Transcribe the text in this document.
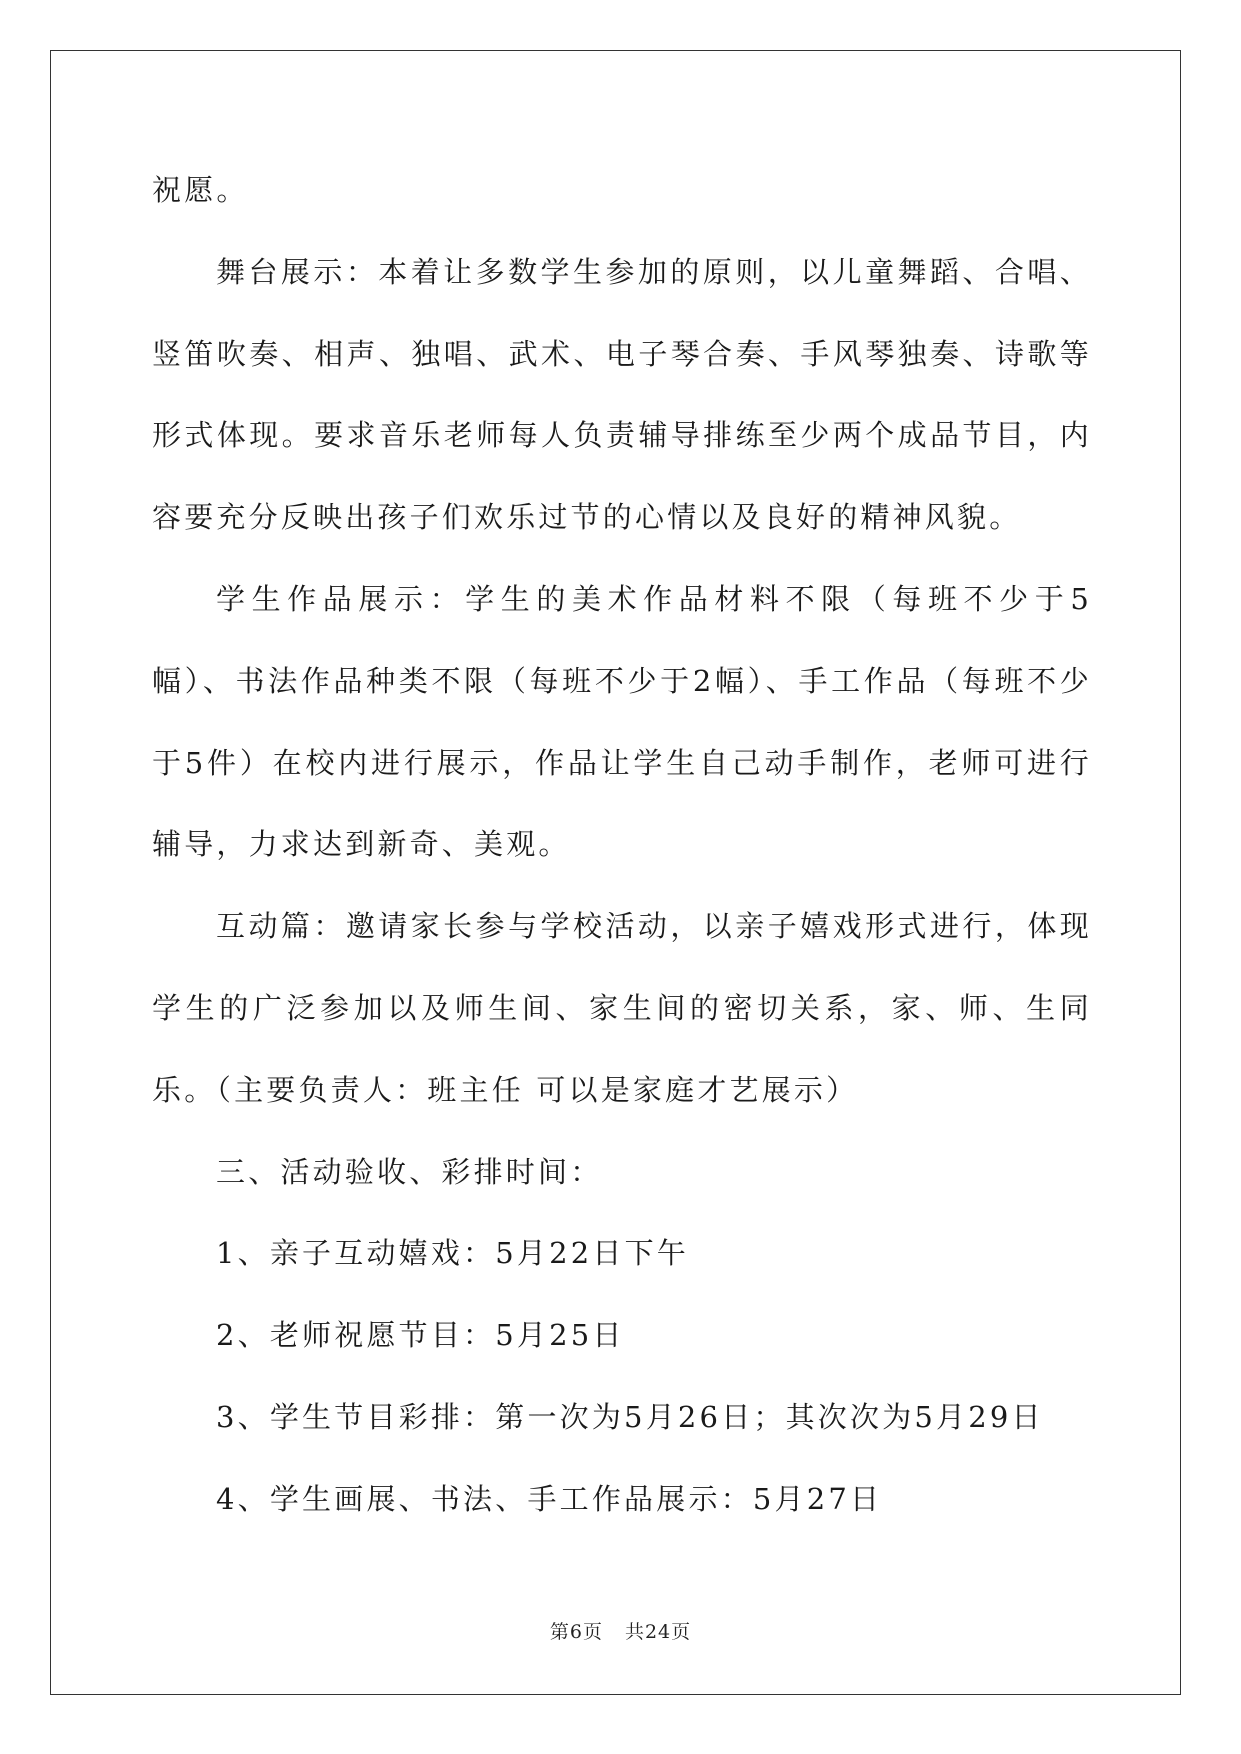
祝愿。

舞台展示：本着让多数学生参加的原则，以儿童舞蹈、合唱、竖笛吹奏、相声、独唱、武术、电子琴合奏、手风琴独奏、诗歌等形式体现。要求音乐老师每人负责辅导排练至少两个成品节目，内容要充分反映出孩子们欢乐过节的心情以及良好的精神风貌。

学生作品展示：学生的美术作品材料不限（每班不少于5 幅）、书法作品种类不限（每班不少于2幅）、手工作品（每班不少于5件）在校内进行展示，作品让学生自己动手制作，老师可进行辅导，力求达到新奇、美观。

互动篇：邀请家长参与学校活动，以亲子嬉戏形式进行，体现学生的广泛参加以及师生间、家生间的密切关系，家、师、生同乐。（主要负责人：班主任 可以是家庭才艺展示）

三、活动验收、彩排时间：

1、亲子互动嬉戏：5月22日下午

2、老师祝愿节目：5月25日

3、学生节目彩排：第一次为5月26日；其次次为5月29日

4、学生画展、书法、手工作品展示：5月27日

第6页 共24页
